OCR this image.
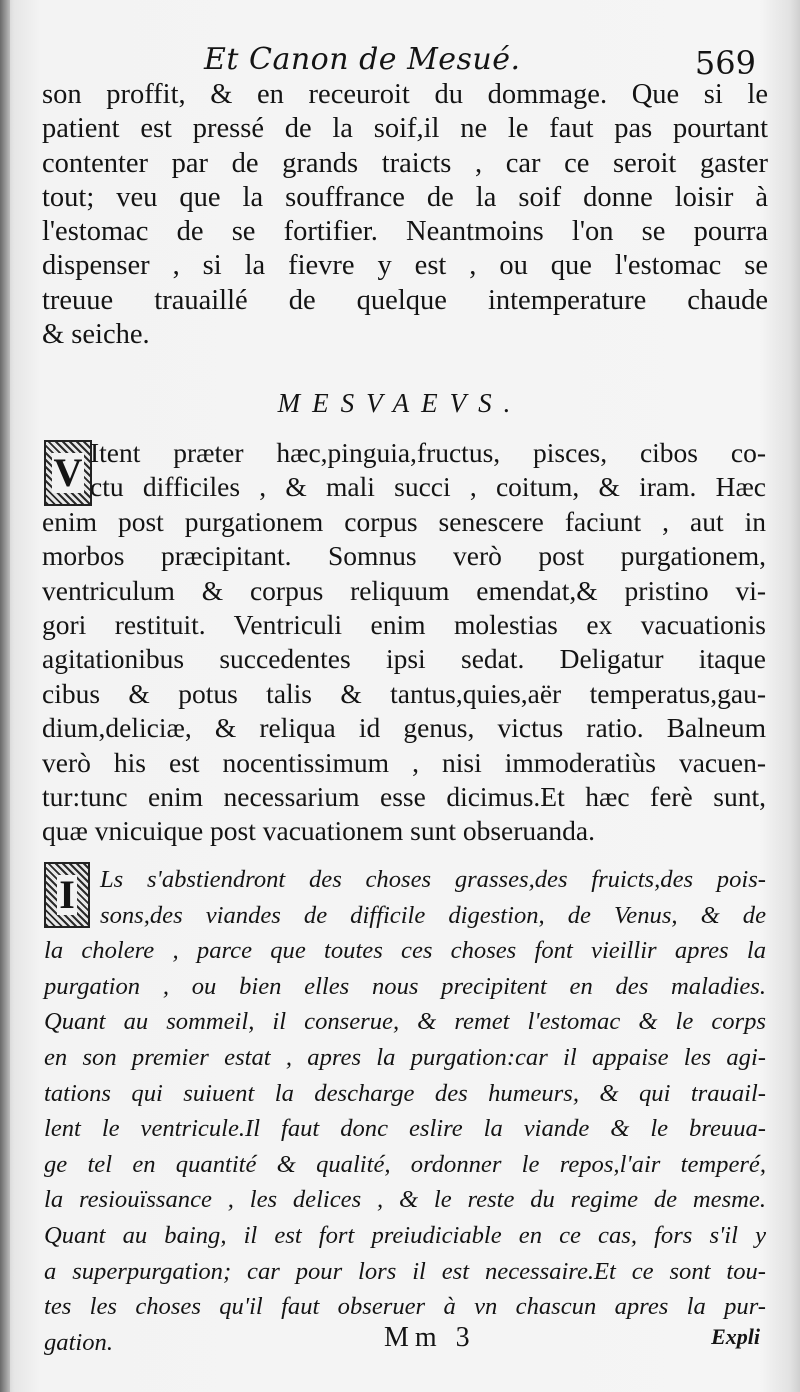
Et Canon de Mesué.	569
son proffit, & en receuroit du dommage. Que si le
patient est pressé de la soif,il ne le faut pas pourtant
contenter par de grands traicts , car ce seroit gaster
tout; veu que la souffrance de la soif donne loisir à
l'estomac de se fortifier. Neantmoins l'on se pourra
dispenser , si la fievre y est , ou que l'estomac se
treuue trauaillé de quelque intemperature chaude
& seiche.
MESVAEVS.
V Itent præter hæc,pinguia,fructus, pisces, cibos co-
ctu difficiles , & mali succi , coitum, & iram. Hæc
enim post purgationem corpus senescere faciunt , aut in
morbos præcipitant. Somnus verò post purgationem,
ventriculum & corpus reliquum emendat,& pristino vi-
gori restituit. Ventriculi enim molestias ex vacuationis
agitationibus succedentes ipsi sedat. Deligatur itaque
cibus & potus talis & tantus,quies,aër temperatus,gau-
dium,deliciæ, & reliqua id genus, victus ratio. Balneum
verò his est nocentissimum , nisi immoderatiùs vacuen-
tur:tunc enim necessarium esse dicimus.Et hæc ferè sunt,
quæ vnicuique post vacuationem sunt obseruanda.
I	Ls s'abstiendront des choses grasses,des fruicts,des pois-
sons,des viandes de difficile digestion, de Venus, & de
la cholere , parce que toutes ces choses font vieillir apres la
purgation , ou bien elles nous precipitent en des maladies.
Quant au sommeil, il conserue, & remet l'estomac & le corps
en son premier estat , apres la purgation:car il appaise les agi-
tations qui suiuent la descharge des humeurs, & qui trauail-
lent le ventricule.Il faut donc eslire la viande & le breuua-
ge tel en quantité & qualité, ordonner le repos,l'air temperé,
la resiouïssance , les delices , & le reste du regime de mesme.
Quant au baing, il est fort preiudiciable en ce cas, fors s'il y
a superpurgation; car pour lors il est necessaire.Et ce sont tou-
tes les choses qu'il faut obseruer à vn chascun apres la pur-
gation.	Mm 3	Expli
